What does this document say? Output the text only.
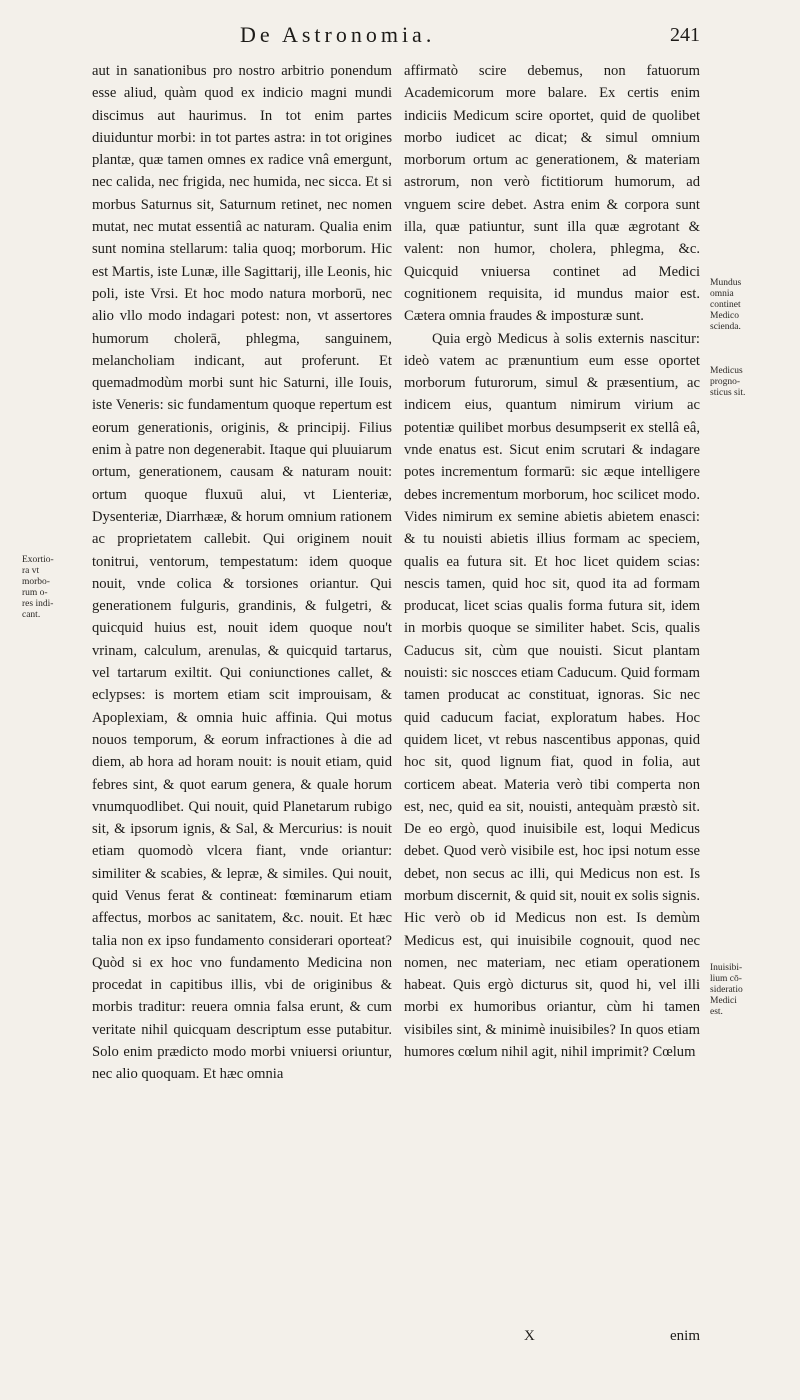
De Astronomia.	241
Exortio-
ra vt
morbo-
rum o-
res indi-
cant.

aut in sanationibus pro nostro arbitrio ponendum esse aliud, quàm quod ex indicio magni mundi discimus aut haurimus. In tot enim partes diuiduntur morbi: in tot partes astra: in tot origines plantæ, quæ tamen omnes ex radice vnâ emergunt, nec calida, nec frigida, nec humida, nec sicca. Et si morbus Saturnus sit, Saturnum retinet, nec nomen mutat, nec mutat essentiâ ac naturam. Qualia enim sunt nomina stellarum: talia quoq; morborum. Hic est Martis, iste Lunæ, ille Sagittarij, ille Leonis, hic poli, iste Vrsi. Et hoc modo natura morborū, nec alio vllo modo indagari potest: non, vt assertores humorum cholerā, phlegma, sanguinem, melancholiam indicant, aut proferunt. Et quemadmodùm morbi sunt hic Saturni, ille Iouis, iste Veneris: sic fundamentum quoque repertum est eorum generationis, originis, & principij. Filius enim à patre non degenerabit. Itaque qui pluuiarum ortum, generationem, causam & naturam nouit: ortum quoque fluxuū alui, vt Lienteriæ, Dysenteriæ, Diarrhææ, & horum omnium rationem ac proprietatem callebit. Qui originem nouit tonitrui, ventorum, tempestatum: idem quoque nouit, vnde colica & torsiones oriantur. Qui generationem fulguris, grandinis, & fulgetri, & quicquid huius est, nouit idem quoque nou't vrinam, calculum, arenulas, & quicquid tartarus, vel tartarum exiltit. Qui coniunctiones callet, & eclypses: is mortem etiam scit improuisam, & Apoplexiam, & omnia huic affinia. Qui motus nouos temporum, & eorum infractiones à die ad diem, ab hora ad horam nouit: is nouit etiam, quid febres sint, & quot earum genera, & quale horum vnumquodlibet. Qui nouit, quid Planetarum rubigo sit, & ipsorum ignis, & Sal, & Mercurius: is nouit etiam quomodò vlcera fiant, vnde oriantur: similiter & scabies, & lepræ, & similes. Qui nouit, quid Venus ferat & contineat: fœminarum etiam affectus, morbos ac sanitatem, &c. nouit. Et hæc talia non ex ipso fundamento considerari oporteat? Quòd si ex hoc vno fundamento Medicina non procedat in capitibus illis, vbi de originibus & morbis traditur: reuera omnia falsa erunt, & cum veritate nihil quicquam descriptum esse putabitur. Solo enim prædicto modo morbi vniuersi oriuntur, nec alio quoquam. Et hæc omnia

affirmatò scire debemus, non fatuorum Academicorum more balare. Ex certis enim indiciis Medicum scire oportet, quid de quolibet morbo iudicet ac dicat; & simul omnium morborum ortum ac generationem, & materiam astrorum, non verò fictitiorum humorum, ad vnguem scire debet. Astra enim & corpora sunt illa, quæ patiuntur, sunt illa quæ ægrotant & valent: non humor, cholera, phlegma, &c. Quicquid vniuersa continet ad Medici cognitionem requisita, id mundus maior est. Cætera omnia fraudes & imposturæ sunt.

Quia ergò Medicus à solis externis nascitur: ideò vatem ac prænuntium eum esse oportet morborum futurorum, simul & præsentium, ac indicem eius, quantum nimirum virium ac potentiæ quilibet morbus desumpserit ex stellâ eâ, vnde enatus est. Sicut enim scrutari & indagare potes incrementum formarū: sic æque intelligere debes incrementum morborum, hoc scilicet modo. Vides nimirum ex semine abietis abietem enasci: & tu nouisti abietis illius formam ac speciem, qualis ea futura sit. Et hoc licet quidem scias: nescis tamen, quid hoc sit, quod ita ad formam producat, licet scias qualis forma futura sit, idem in morbis quoque se similiter habet. Scis, qualis Caducus sit, cùm que nouisti. Sicut plantam nouisti: sic noscces etiam Caducum. Quid formam tamen producat ac constituat, ignoras. Sic nec quid caducum faciat, exploratum habes. Hoc quidem licet, vt rebus nascentibus apponas, quid hoc sit, quod lignum fiat, quod in folia, aut corticem abeat. Materia verò tibi comperta non est, nec, quid ea sit, nouisti, antequàm præstò sit. De eo ergò, quod inuisibile est, loqui Medicus debet. Quod verò visibile est, hoc ipsi notum esse debet, non secus ac illi, qui Medicus non est. Is morbum discernit, & quid sit, nouit ex solis signis. Hic verò ob id Medicus non est. Is demùm Medicus est, qui inuisibile cognouit, quod nec nomen, nec materiam, nec etiam operationem habeat. Quis ergò dicturus sit, quod hi, vel illi morbi ex humoribus oriantur, cùm hi tamen visibiles sint, & minimè inuisibiles? In quos etiam humores cœlum nihil agit, nihil imprimit? Cœlum

Mundus
omnia
continet
Medico
scienda.
Medicus
progno-
sticus sit.
Inuisibi-
lium cō-
sideratio
Medici
est.
X	enim
